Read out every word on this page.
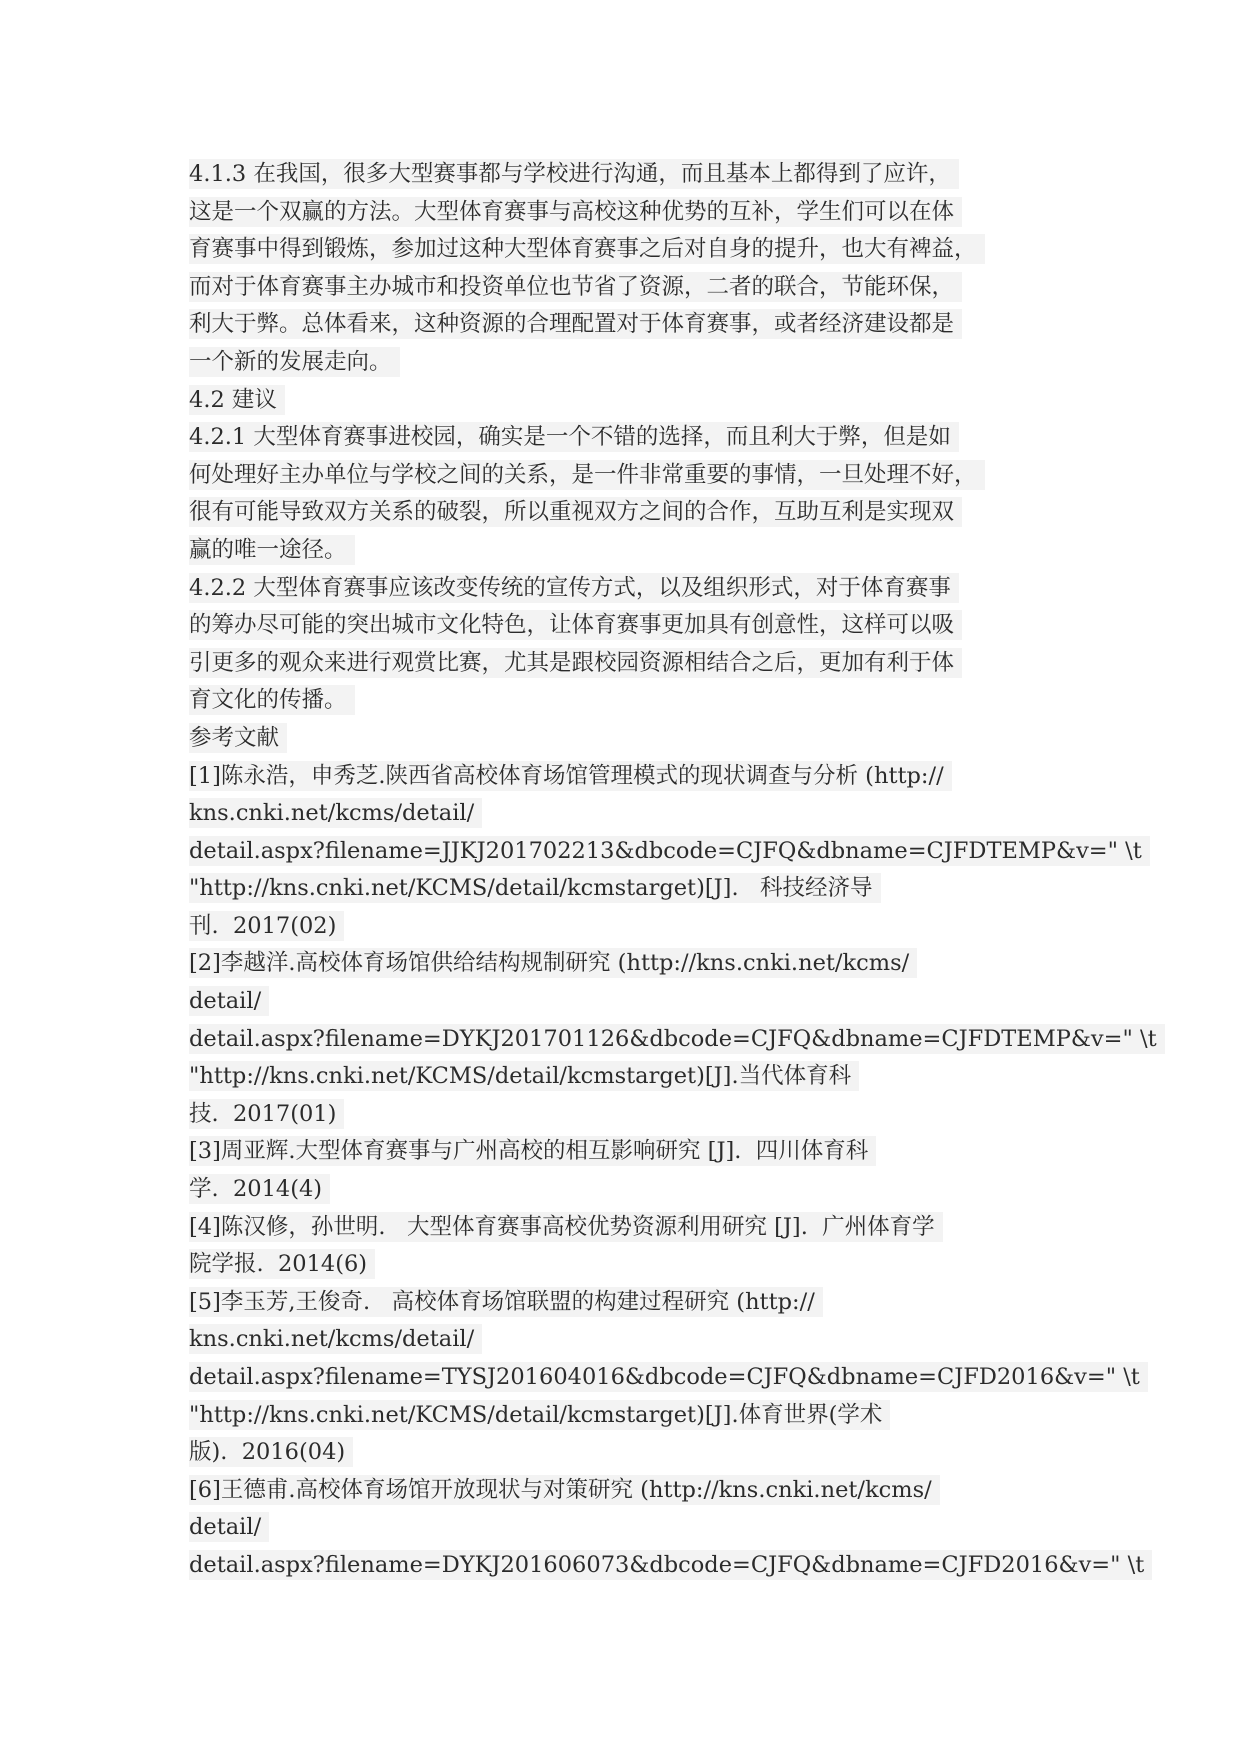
4.1.3 在我国，很多大型赛事都与学校进行沟通，而且基本上都得到了应许，
这是一个双赢的方法。大型体育赛事与高校这种优势的互补，学生们可以在体
育赛事中得到锻炼，参加过这种大型体育赛事之后对自身的提升，也大有裨益，
而对于体育赛事主办城市和投资单位也节省了资源，二者的联合，节能环保，
利大于弊。总体看来，这种资源的合理配置对于体育赛事，或者经济建设都是
一个新的发展走向。
4.2 建议
4.2.1 大型体育赛事进校园，确实是一个不错的选择，而且利大于弊，但是如
何处理好主办单位与学校之间的关系，是一件非常重要的事情，一旦处理不好，
很有可能导致双方关系的破裂，所以重视双方之间的合作，互助互利是实现双
赢的唯一途径。
4.2.2 大型体育赛事应该改变传统的宣传方式，以及组织形式，对于体育赛事
的筹办尽可能的突出城市文化特色，让体育赛事更加具有创意性，这样可以吸
引更多的观众来进行观赏比赛，尤其是跟校园资源相结合之后，更加有利于体
育文化的传播。
参考文献
[1]陈永浩，申秀芝.陕西省高校体育场馆管理模式的现状调查与分析 (http://
kns.cnki.net/kcms/detail/
detail.aspx?filename=JJKJ201702213&dbcode=CJFQ&dbname=CJFDTEMP&v=" \t
"http://kns.cnki.net/KCMS/detail/kcmstarget)[J].   科技经济导
刊.  2017(02)
[2]李越洋.高校体育场馆供给结构规制研究 (http://kns.cnki.net/kcms/
detail/
detail.aspx?filename=DYKJ201701126&dbcode=CJFQ&dbname=CJFDTEMP&v=" \t
"http://kns.cnki.net/KCMS/detail/kcmstarget)[J].当代体育科
技.  2017(01)
[3]周亚辉.大型体育赛事与广州高校的相互影响研究 [J].  四川体育科
学.  2014(4)
[4]陈汉修，孙世明.   大型体育赛事高校优势资源利用研究 [J].  广州体育学
院学报.  2014(6)
[5]李玉芳,王俊奇.   高校体育场馆联盟的构建过程研究 (http://
kns.cnki.net/kcms/detail/
detail.aspx?filename=TYSJ201604016&dbcode=CJFQ&dbname=CJFD2016&v=" \t
"http://kns.cnki.net/KCMS/detail/kcmstarget)[J].体育世界(学术
版).  2016(04)
[6]王德甫.高校体育场馆开放现状与对策研究 (http://kns.cnki.net/kcms/
detail/
detail.aspx?filename=DYKJ201606073&dbcode=CJFQ&dbname=CJFD2016&v=" \t
